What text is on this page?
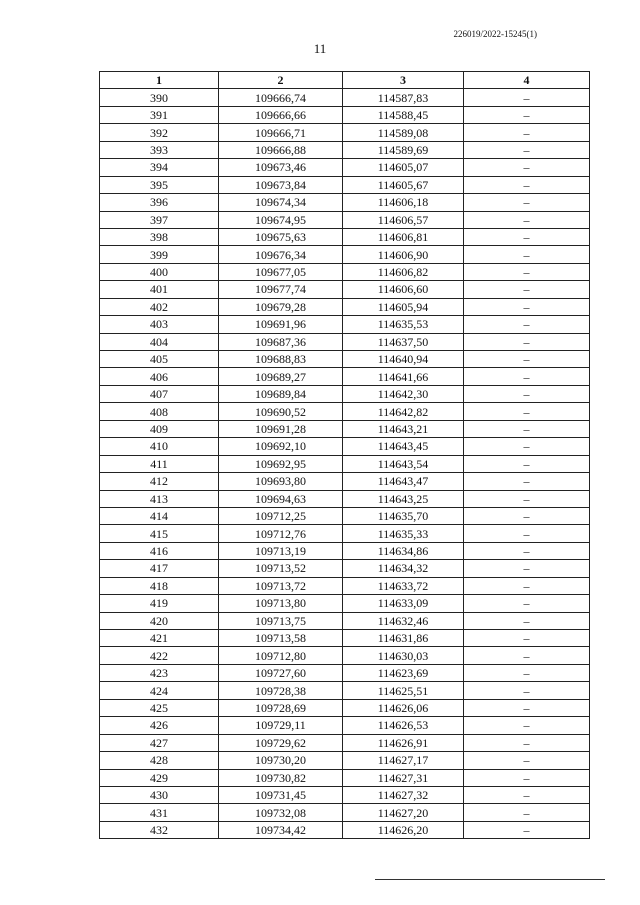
226019/2022-15245(1)
11
1	2	3	4
390	109666,74	114587,83	–
391	109666,66	114588,45	–
392	109666,71	114589,08	–
393	109666,88	114589,69	–
394	109673,46	114605,07	–
395	109673,84	114605,67	–
396	109674,34	114606,18	–
397	109674,95	114606,57	–
398	109675,63	114606,81	–
399	109676,34	114606,90	–
400	109677,05	114606,82	–
401	109677,74	114606,60	–
402	109679,28	114605,94	–
403	109691,96	114635,53	–
404	109687,36	114637,50	–
405	109688,83	114640,94	–
406	109689,27	114641,66	–
407	109689,84	114642,30	–
408	109690,52	114642,82	–
409	109691,28	114643,21	–
410	109692,10	114643,45	–
411	109692,95	114643,54	–
412	109693,80	114643,47	–
413	109694,63	114643,25	–
414	109712,25	114635,70	–
415	109712,76	114635,33	–
416	109713,19	114634,86	–
417	109713,52	114634,32	–
418	109713,72	114633,72	–
419	109713,80	114633,09	–
420	109713,75	114632,46	–
421	109713,58	114631,86	–
422	109712,80	114630,03	–
423	109727,60	114623,69	–
424	109728,38	114625,51	–
425	109728,69	114626,06	–
426	109729,11	114626,53	–
427	109729,62	114626,91	–
428	109730,20	114627,17	–
429	109730,82	114627,31	–
430	109731,45	114627,32	–
431	109732,08	114627,20	–
432	109734,42	114626,20	–
